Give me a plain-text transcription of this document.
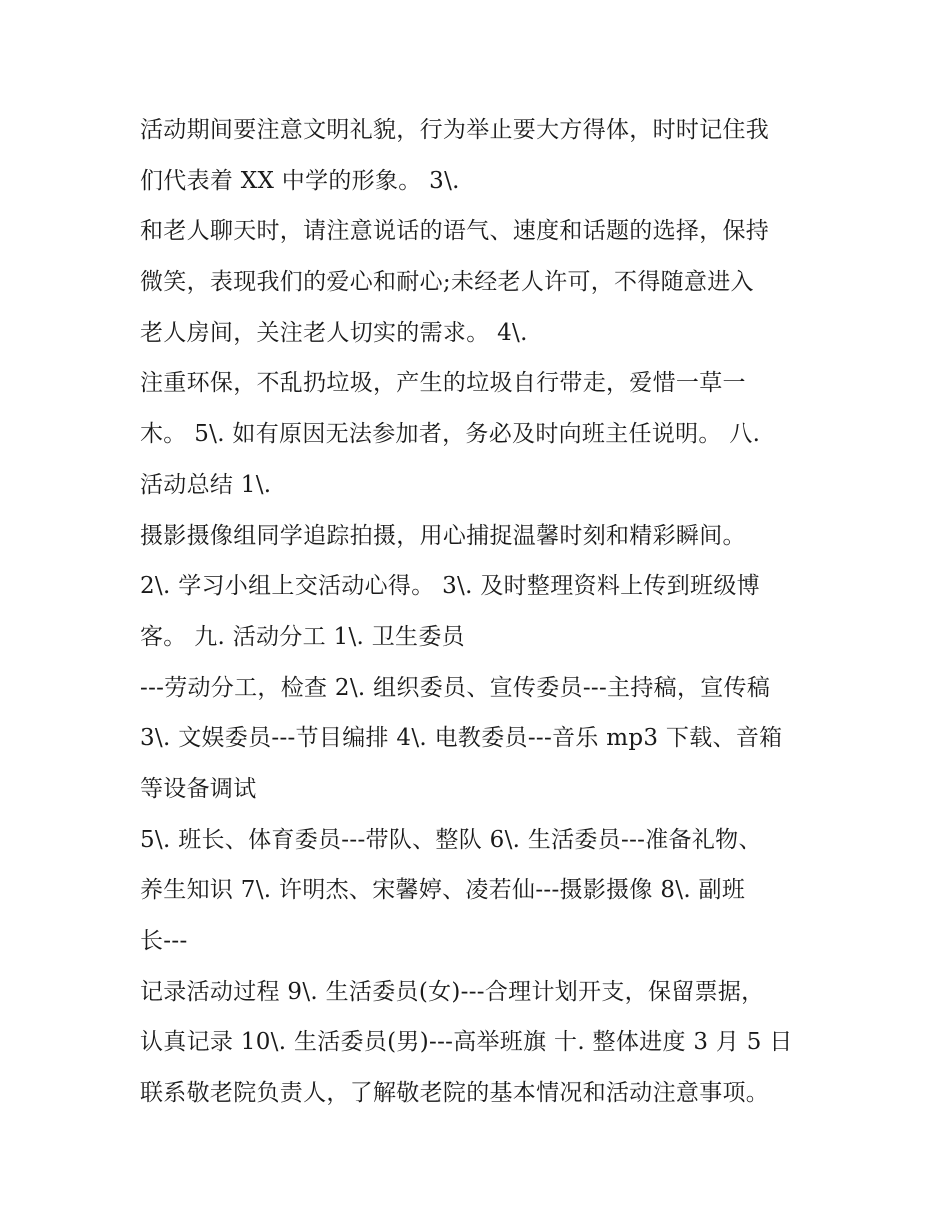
活动期间要注意文明礼貌，行为举止要大方得体，时时记住我
们代表着 XX 中学的形象。 3\.
和老人聊天时，请注意说话的语气、速度和话题的选择，保持
微笑，表现我们的爱心和耐心;未经老人许可，不得随意进入
老人房间，关注老人切实的需求。 4\.
注重环保，不乱扔垃圾，产生的垃圾自行带走，爱惜一草一
木。 5\. 如有原因无法参加者，务必及时向班主任说明。 八.
活动总结 1\.
摄影摄像组同学追踪拍摄，用心捕捉温馨时刻和精彩瞬间。
2\. 学习小组上交活动心得。 3\. 及时整理资料上传到班级博
客。 九. 活动分工 1\. 卫生委员
---劳动分工，检查 2\. 组织委员、宣传委员---主持稿，宣传稿
3\. 文娱委员---节目编排 4\. 电教委员---音乐 mp3 下载、音箱
等设备调试
5\. 班长、体育委员---带队、整队 6\. 生活委员---准备礼物、
养生知识 7\. 许明杰、宋馨婷、凌若仙---摄影摄像 8\. 副班
长---
记录活动过程 9\. 生活委员(女)---合理计划开支，保留票据，
认真记录 10\. 生活委员(男)---高举班旗 十. 整体进度 3 月 5 日
联系敬老院负责人，了解敬老院的基本情况和活动注意事项。
